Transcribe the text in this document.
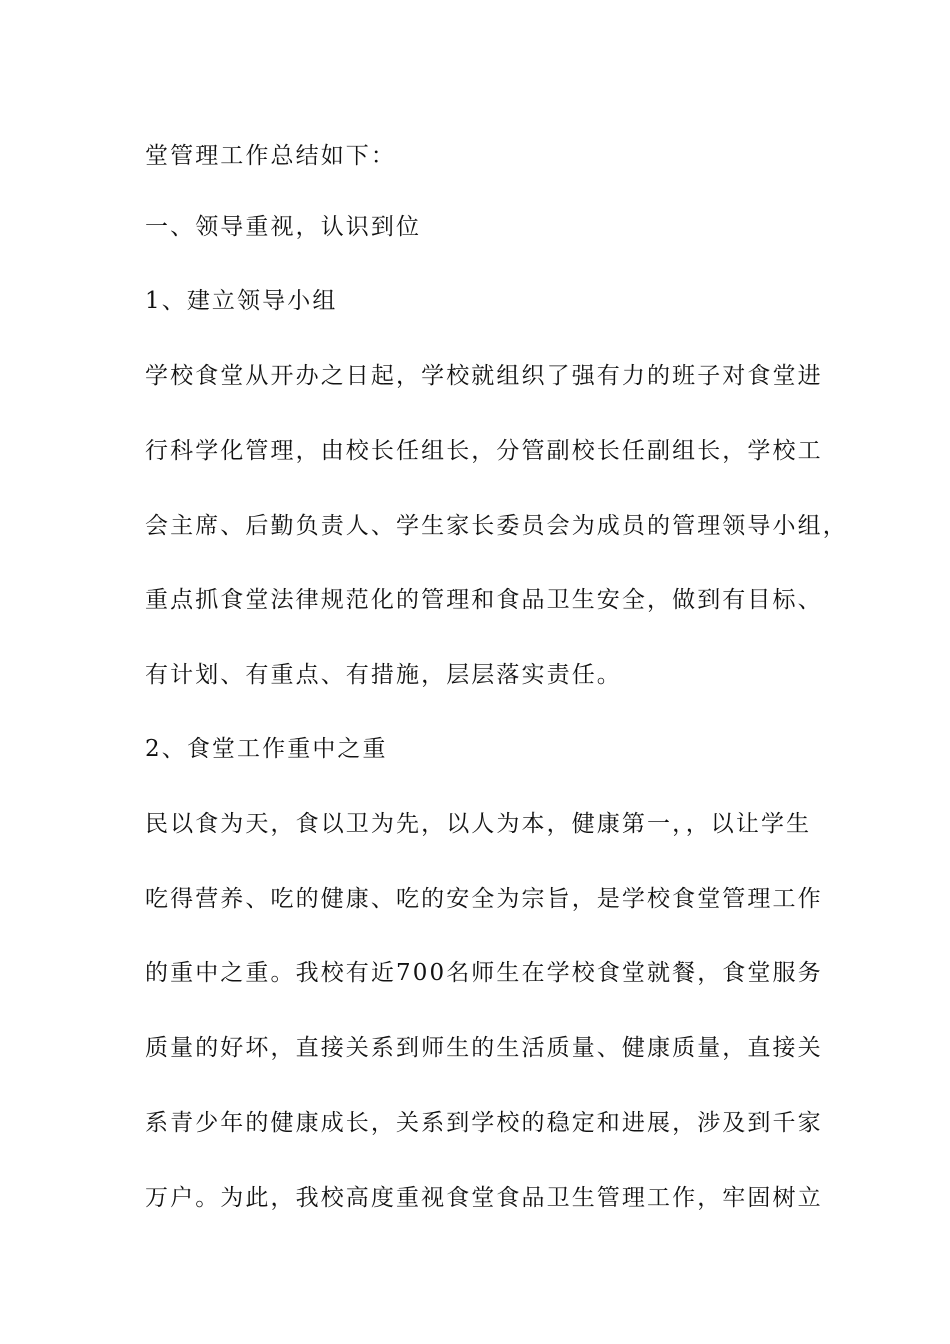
堂管理工作总结如下：
一、领导重视，认识到位
1、建立领导小组
学校食堂从开办之日起，学校就组织了强有力的班子对食堂进
行科学化管理，由校长任组长，分管副校长任副组长，学校工
会主席、后勤负责人、学生家长委员会为成员的管理领导小组，
重点抓食堂法律规范化的管理和食品卫生安全，做到有目标、
有计划、有重点、有措施，层层落实责任。
2、食堂工作重中之重
民以食为天，食以卫为先，以人为本，健康第一，，以让学生
吃得营养、吃的健康、吃的安全为宗旨，是学校食堂管理工作
的重中之重。我校有近700名师生在学校食堂就餐，食堂服务
质量的好坏，直接关系到师生的生活质量、健康质量，直接关
系青少年的健康成长，关系到学校的稳定和进展，涉及到千家
万户。为此，我校高度重视食堂食品卫生管理工作，牢固树立
